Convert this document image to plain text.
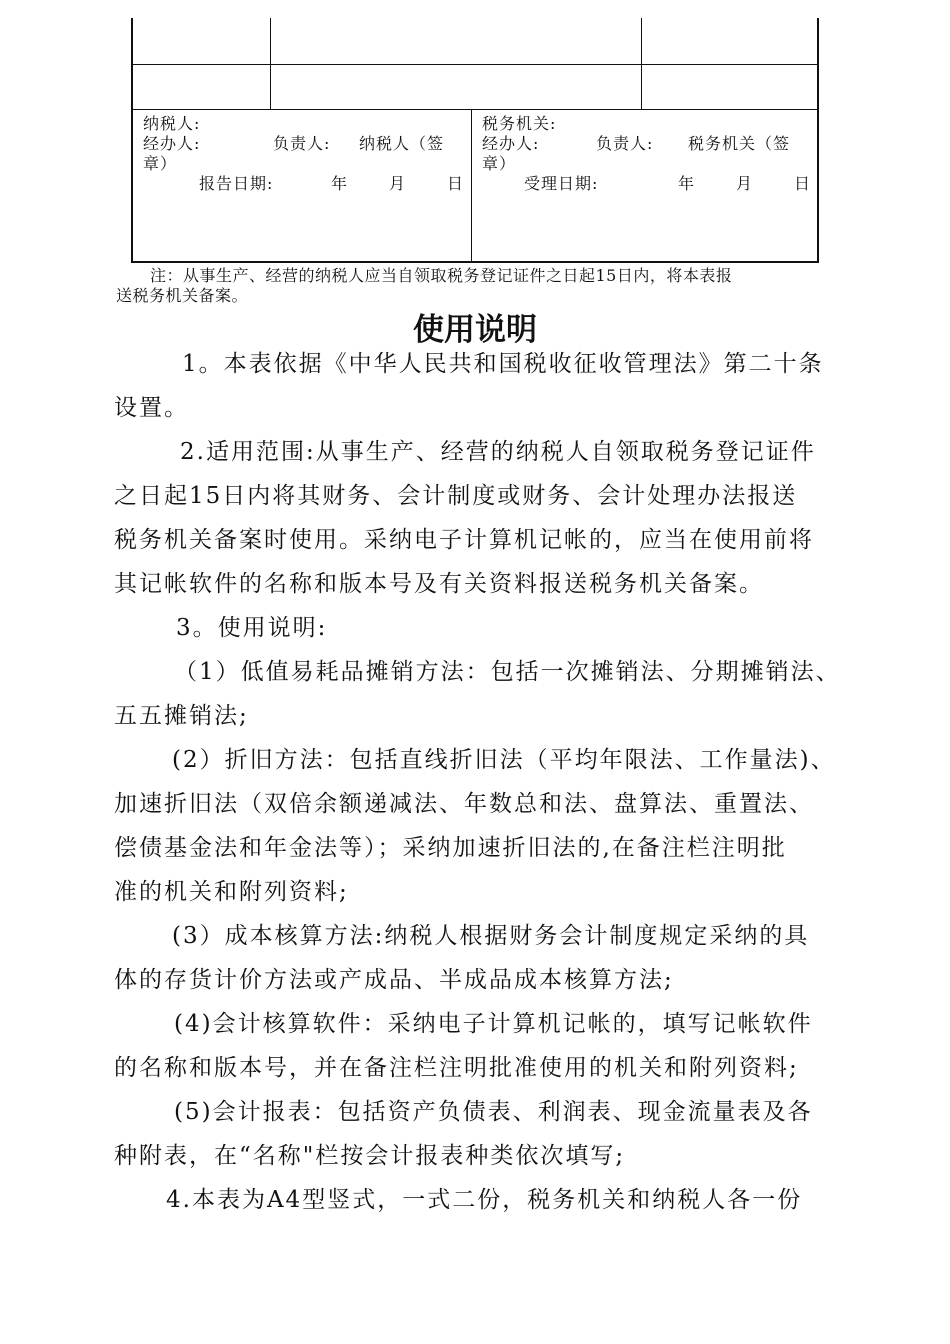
纳税人:
经办人:	负责人: 纳税人（签
章）
报告日期:	年	月	日
税务机关:
经办人:	负责人: 税务机关（签
章）
受理日期:	年	月	日
注：从事生产、经营的纳税人应当自领取税务登记证件之日起15日内，将本表报
送税务机关备案。
使用说明
1。本表依据《中华人民共和国税收征收管理法》第二十条
设置。
2.适用范围:从事生产、经营的纳税人自领取税务登记证件
之日起15日内将其财务、会计制度或财务、会计处理办法报送
税务机关备案时使用。采纳电子计算机记帐的，应当在使用前将
其记帐软件的名称和版本号及有关资料报送税务机关备案。
3。使用说明:
（1）低值易耗品摊销方法：包括一次摊销法、分期摊销法、
五五摊销法;
(2）折旧方法：包括直线折旧法（平均年限法、工作量法)、
加速折旧法（双倍余额递减法、年数总和法、盘算法、重置法、
偿债基金法和年金法等）；采纳加速折旧法的,在备注栏注明批
准的机关和附列资料;
(3）成本核算方法:纳税人根据财务会计制度规定采纳的具
体的存货计价方法或产成品、半成品成本核算方法;
(4)会计核算软件：采纳电子计算机记帐的，填写记帐软件
的名称和版本号，并在备注栏注明批准使用的机关和附列资料;
(5)会计报表：包括资产负债表、利润表、现金流量表及各
种附表，在“名称"栏按会计报表种类依次填写;
4.本表为A4型竖式，一式二份，税务机关和纳税人各一份
